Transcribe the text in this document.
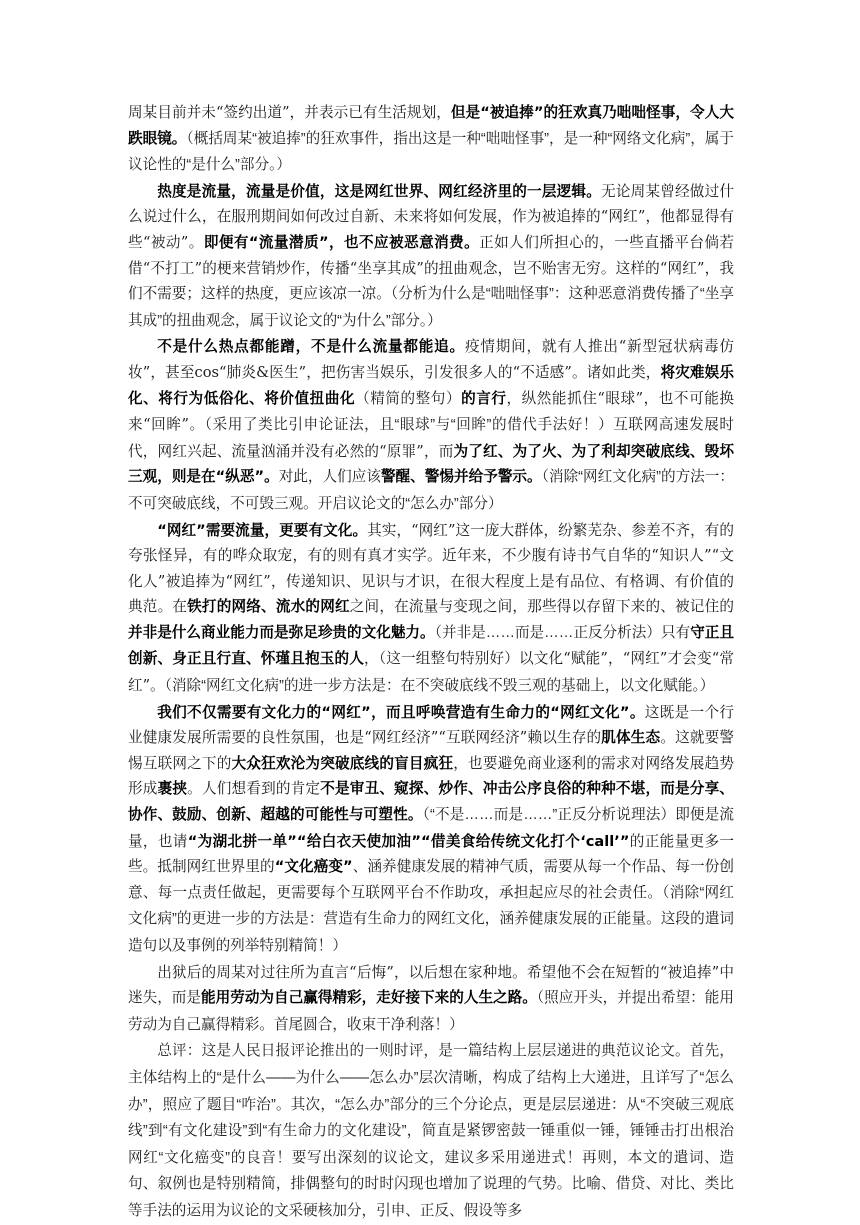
周某目前并未“签约出道”，并表示已有生活规划，但是“被追捧”的狂欢真乃咄咄怪事，令人大跌眼镜。（概括周某“被追捧”的狂欢事件，指出这是一种“咄咄怪事”，是一种“网络文化病”，属于议论性的“是什么”部分。）

热度是流量，流量是价值，这是网红世界、网红经济里的一层逻辑。无论周某曾经做过什么说过什么，在服刑期间如何改过自新、未来将如何发展，作为被追捧的“网红”，他都显得有些“被动”。即便有“流量潜质”，也不应被恶意消费。正如人们所担心的，一些直播平台倘若借“不打工”的梗来营销炒作，传播“坐享其成”的扭曲观念，岂不贻害无穷。这样的“网红”，我们不需要；这样的热度，更应该凉一凉。（分析为什么是“咄咄怪事”：这种恶意消费传播了“坐享其成”的扭曲观念，属于议论文的“为什么”部分。）

不是什么热点都能蹭，不是什么流量都能追。疫情期间，就有人推出“新型冠状病毒仿妆”，甚至cos“肺炎&医生”，把伤害当娱乐，引发很多人的“不适感”。诸如此类，将灾难娱乐化、将行为低俗化、将价值扭曲化（精简的整句）的言行，纵然能抓住“眼球”，也不可能换来“回眸”。（采用了类比引申论证法，且“眼球”与“回眸”的借代手法好！）互联网高速发展时代，网红兴起、流量汹涌并没有必然的“原罪”，而为了红、为了火、为了利却突破底线、毁坏三观，则是在“纵恶”。对此，人们应该警醒、警惕并给予警示。（消除“网红文化病”的方法一：不可突破底线，不可毁三观。开启议论文的“怎么办”部分）

“网红”需要流量，更要有文化。其实，“网红”这一庞大群体，纷繁芜杂、参差不齐，有的夸张怪异，有的哗众取宠，有的则有真才实学。近年来，不少腹有诗书气自华的“知识人”“文化人”被追捧为“网红”，传递知识、见识与才识，在很大程度上是有品位、有格调、有价值的典范。在铁打的网络、流水的网红之间，在流量与变现之间，那些得以存留下来的、被记住的并非是什么商业能力而是弥足珍贵的文化魅力。（并非是……而是……正反分析法）只有守正且创新、身正且行直、怀瑾且抱玉的人，（这一组整句特别好）以文化“赋能”，“网红”才会变“常红”。（消除“网红文化病”的进一步方法是：在不突破底线不毁三观的基础上，以文化赋能。）

我们不仅需要有文化力的“网红”，而且呼唤营造有生命力的“网红文化”。这既是一个行业健康发展所需要的良性氛围，也是“网红经济”“互联网经济”赖以生存的肌体生态。这就要警惕互联网之下的大众狂欢沦为突破底线的盲目疯狂，也要避免商业逐利的需求对网络发展趋势形成裹挟。人们想看到的肯定不是审丑、窥探、炒作、冲击公序良俗的种种不堪，而是分享、协作、鼓励、创新、超越的可能性与可塑性。（“不是……而是……”正反分析说理法）即便是流量，也请“为湖北拼一单”“给白衣天使加油”“借美食给传统文化打个‘call’”的正能量更多一些。抵制网红世界里的“文化癌变”、涵养健康发展的精神气质，需要从每一个作品、每一份创意、每一点责任做起，更需要每个互联网平台不作助攻，承担起应尽的社会责任。（消除“网红文化病”的更进一步的方法是：营造有生命力的网红文化，涵养健康发展的正能量。这段的遣词造句以及事例的列举特别精简！）

出狱后的周某对过往所为直言“后悔”，以后想在家种地。希望他不会在短暂的“被追捧”中迷失，而是能用劳动为自己赢得精彩，走好接下来的人生之路。（照应开头，并提出希望：能用劳动为自己赢得精彩。首尾圆合，收束干净利落！）

总评：这是人民日报评论推出的一则时评，是一篇结构上层层递进的典范议论文。首先，主体结构上的“是什么——为什么——怎么办”层次清晰，构成了结构上大递进，且详写了“怎么办”，照应了题目“咋治”。其次，“怎么办”部分的三个分论点，更是层层递进：从“不突破三观底线”到“有文化建设”到“有生命力的文化建设”，简直是紧锣密鼓一锤重似一锤，锤锤击打出根治网红“文化癌变”的良音！要写出深刻的议论文，建议多采用递进式！再则，本文的遣词、造句、叙例也是特别精简，排偶整句的时时闪现也增加了说理的气势。比喻、借贷、对比、类比等手法的运用为议论的文采硬核加分，引申、正反、假设等多
